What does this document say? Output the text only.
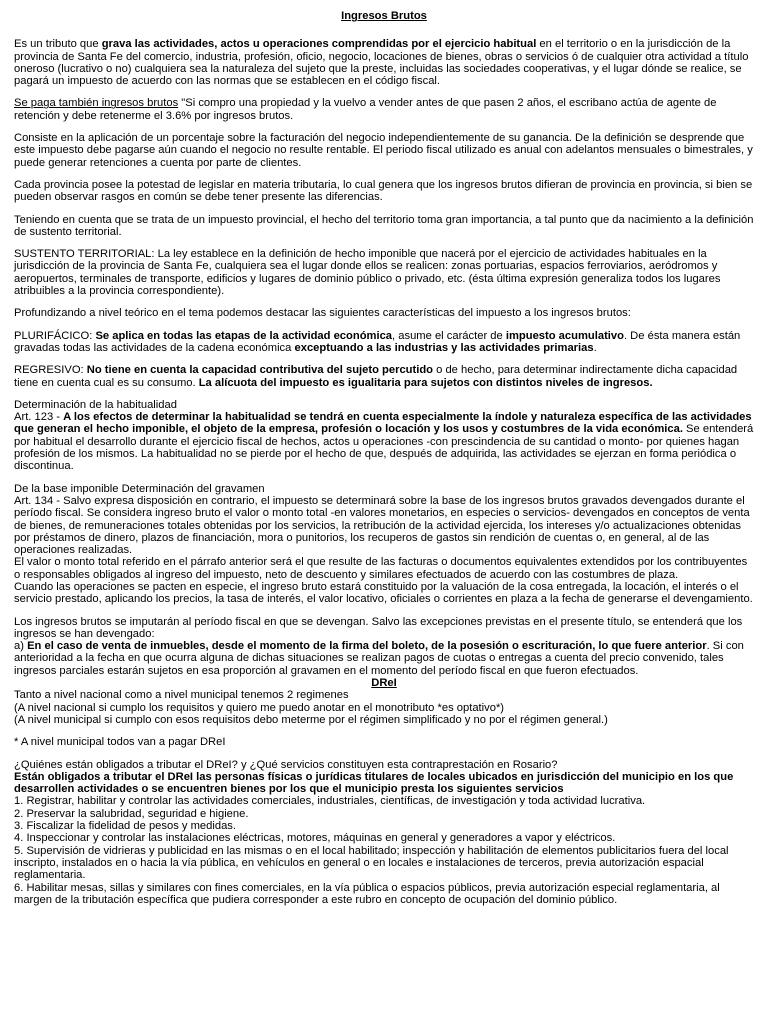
Ingresos Brutos

Es un tributo que grava las actividades, actos u operaciones comprendidas por el ejercicio habitual en el territorio o en la jurisdicción de la provincia de Santa Fe del comercio, industria, profesión, oficio, negocio, locaciones de bienes, obras o servicios ó de cualquier otra actividad a título oneroso (lucrativo o no) cualquiera sea la naturaleza del sujeto que la preste, incluidas las sociedades cooperativas, y el lugar dónde se realice, se pagará un impuesto de acuerdo con las normas que se establecen en el código fiscal.

Se paga también ingresos brutos "Si compro una propiedad y la vuelvo a vender antes de que pasen 2 años, el escribano actúa de agente de retención y debe retenerme el 3.6% por ingresos brutos.

Consiste en la aplicación de un porcentaje sobre la facturación del negocio independientemente de su ganancia. De la definición se desprende que este impuesto debe pagarse aún cuando el negocio no resulte rentable. El periodo fiscal utilizado es anual con adelantos mensuales o bimestrales, y puede generar retenciones a cuenta por parte de clientes.

Cada provincia posee la potestad de legislar en materia tributaria, lo cual genera que los ingresos brutos difieran de provincia en provincia, si bien se pueden observar rasgos en común se debe tener presente las diferencias.

Teniendo en cuenta que se trata de un impuesto provincial, el hecho del territorio toma gran importancia, a tal punto que da nacimiento a la definición de sustento territorial.

SUSTENTO TERRITORIAL: La ley establece en la definición de hecho imponible que nacerá por el ejercicio de actividades habituales en la jurisdicción de la provincia de Santa Fe, cualquiera sea el lugar donde ellos se realicen: zonas portuarias, espacios ferroviarios, aeródromos y aeropuertos, terminales de transporte, edificios y lugares de dominio público o privado, etc. (ésta última expresión generaliza todos los lugares atribuibles a la provincia correspondiente).

Profundizando a nivel teórico en el tema podemos destacar las siguientes características del impuesto a los ingresos brutos:

PLURIFÁCICO: Se aplica en todas las etapas de la actividad económica, asume el carácter de impuesto acumulativo. De ésta manera están gravadas todas las actividades de la cadena económica exceptuando a las industrias y las actividades primarias.

REGRESIVO: No tiene en cuenta la capacidad contributiva del sujeto percutido o de hecho, para determinar indirectamente dicha capacidad tiene en cuenta cual es su consumo. La alícuota del impuesto es igualitaria para sujetos con distintos niveles de ingresos.

Determinación de la habitualidad

Art. 123 - A los efectos de determinar la habitualidad se tendrá en cuenta especialmente la índole y naturaleza específica de las actividades que generan el hecho imponible, el objeto de la empresa, profesión o locación y los usos y costumbres de la vida económica. Se entenderá por habitual el desarrollo durante el ejercicio fiscal de hechos, actos u operaciones -con prescindencia de su cantidad o monto- por quienes hagan profesión de los mismos. La habitualidad no se pierde por el hecho de que, después de adquirida, las actividades se ejerzan en forma periódica o discontinua.

De la base imponible Determinación del gravamen

Art. 134 - Salvo expresa disposición en contrario, el impuesto se determinará sobre la base de los ingresos brutos gravados devengados durante el período fiscal. Se considera ingreso bruto el valor o monto total -en valores monetarios, en especies o servicios- devengados en conceptos de venta de bienes, de remuneraciones totales obtenidas por los servicios, la retribución de la actividad ejercida, los intereses y/o actualizaciones obtenidas por préstamos de dinero, plazos de financiación, mora o punitorios, los recuperos de gastos sin rendición de cuentas o, en general, al de las operaciones realizadas.

El valor o monto total referido en el párrafo anterior será el que resulte de las facturas o documentos equivalentes extendidos por los contribuyentes o responsables obligados al ingreso del impuesto, neto de descuento y similares efectuados de acuerdo con las costumbres de plaza.

Cuando las operaciones se pacten en especie, el ingreso bruto estará constituido por la valuación de la cosa entregada, la locación, el interés o el servicio prestado, aplicando los precios, la tasa de interés, el valor locativo, oficiales o corrientes en plaza a la fecha de generarse el devengamiento.

Los ingresos brutos se imputarán al período fiscal en que se devengan. Salvo las excepciones previstas en el presente título, se entenderá que los ingresos se han devengado:

a) En el caso de venta de inmuebles, desde el momento de la firma del boleto, de la posesión o escrituración, lo que fuere anterior. Si con anterioridad a la fecha en que ocurra alguna de dichas situaciones se realizan pagos de cuotas o entregas a cuenta del precio convenido, tales ingresos parciales estarán sujetos en esa proporción al gravamen en el momento del período fiscal en que fueron efectuados.

DReI

Tanto a nivel nacional como a nivel municipal tenemos 2 regimenes

(A nivel nacional si cumplo los requisitos y quiero me puedo anotar en el monotributo *es optativo*)

(A nivel municipal si cumplo con esos requisitos debo meterme por el régimen simplificado y no por el régimen general.)

* A nivel municipal todos van a pagar DReI

¿Quiénes están obligados a tributar el DReI? y ¿Qué servicios constituyen esta contraprestación en Rosario?

Están obligados a tributar el DReI las personas físicas o jurídicas titulares de locales ubicados en jurisdicción del municipio en los que desarrollen actividades o se encuentren bienes por los que el municipio presta los siguientes servicios

1. Registrar, habilitar y controlar las actividades comerciales, industriales, científicas, de investigación y toda actividad lucrativa.
2. Preservar la salubridad, seguridad e higiene.
3. Fiscalizar la fidelidad de pesos y medidas.
4. Inspeccionar y controlar las instalaciones eléctricas, motores, máquinas en general y generadores a vapor y eléctricos.
5. Supervisión de vidrieras y publicidad en las mismas o en el local habilitado; inspección y habilitación de elementos publicitarios fuera del local inscripto, instalados en o hacia la vía pública, en vehículos en general o en locales e instalaciones de terceros, previa autorización espacial reglamentaria.
6. Habilitar mesas, sillas y similares con fines comerciales, en la vía pública o espacios públicos, previa autorización especial reglamentaria, al margen de la tributación específica que pudiera corresponder a este rubro en concepto de ocupación del dominio público.
